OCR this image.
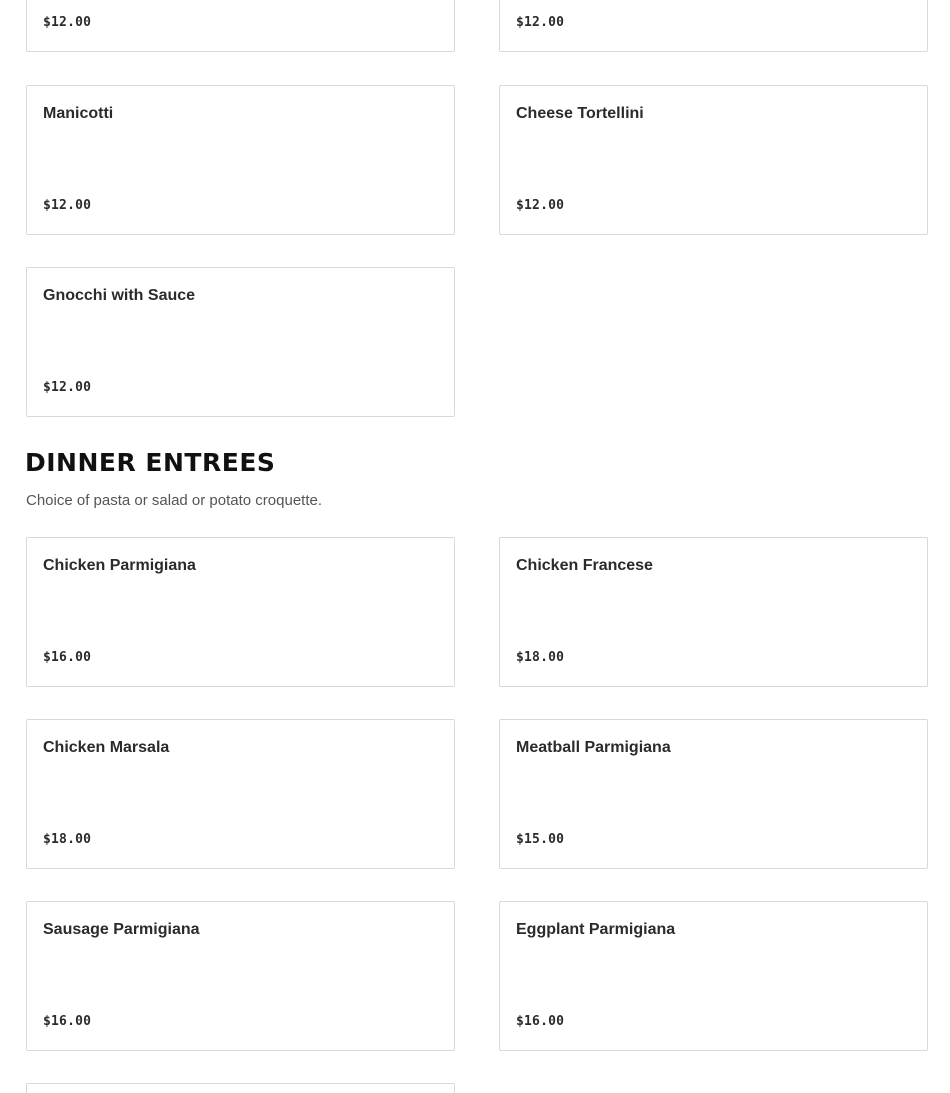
$12.00	$12.00
Manicotti
$12.00
Cheese Tortellini
$12.00
Gnocchi with Sauce
$12.00
DINNER ENTREES

Choice of pasta or salad or potato croquette.

Chicken Parmigiana
$16.00
Chicken Francese
$18.00
Chicken Marsala
$18.00
Meatball Parmigiana
$15.00
Sausage Parmigiana
$16.00
Eggplant Parmigiana
$16.00
